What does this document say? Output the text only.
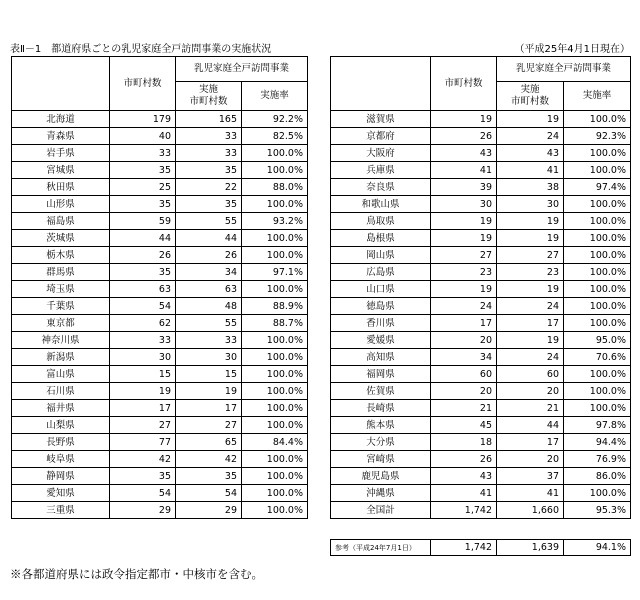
表Ⅱ－1　都道府県ごとの乳児家庭全戸訪問事業の実施状況	（平成25年4月1日現在）
	市町村数	乳児家庭全戸訪問事業	
		実施
市町村数	実施率
北海道	179	165	92.2%
青森県	40	33	82.5%
岩手県	33	33	100.0%
宮城県	35	35	100.0%
秋田県	25	22	88.0%
山形県	35	35	100.0%
福島県	59	55	93.2%
茨城県	44	44	100.0%
栃木県	26	26	100.0%
群馬県	35	34	97.1%
埼玉県	63	63	100.0%
千葉県	54	48	88.9%
東京都	62	55	88.7%
神奈川県	33	33	100.0%
新潟県	30	30	100.0%
富山県	15	15	100.0%
石川県	19	19	100.0%
福井県	17	17	100.0%
山梨県	27	27	100.0%
長野県	77	65	84.4%
岐阜県	42	42	100.0%
静岡県	35	35	100.0%
愛知県	54	54	100.0%
三重県	29	29	100.0%
	市町村数	乳児家庭全戸訪問事業	
		実施
市町村数	実施率
滋賀県	19	19	100.0%
京都府	26	24	92.3%
大阪府	43	43	100.0%
兵庫県	41	41	100.0%
奈良県	39	38	97.4%
和歌山県	30	30	100.0%
鳥取県	19	19	100.0%
島根県	19	19	100.0%
岡山県	27	27	100.0%
広島県	23	23	100.0%
山口県	19	19	100.0%
徳島県	24	24	100.0%
香川県	17	17	100.0%
愛媛県	20	19	95.0%
高知県	34	24	70.6%
福岡県	60	60	100.0%
佐賀県	20	20	100.0%
長崎県	21	21	100.0%
熊本県	45	44	97.8%
大分県	18	17	94.4%
宮崎県	26	20	76.9%
鹿児島県	43	37	86.0%
沖縄県	41	41	100.0%
全国計	1,742	1,660	95.3%
参考（平成24年7月1日）	1,742	1,639	94.1%
※各都道府県には政令指定都市・中核市を含む。
